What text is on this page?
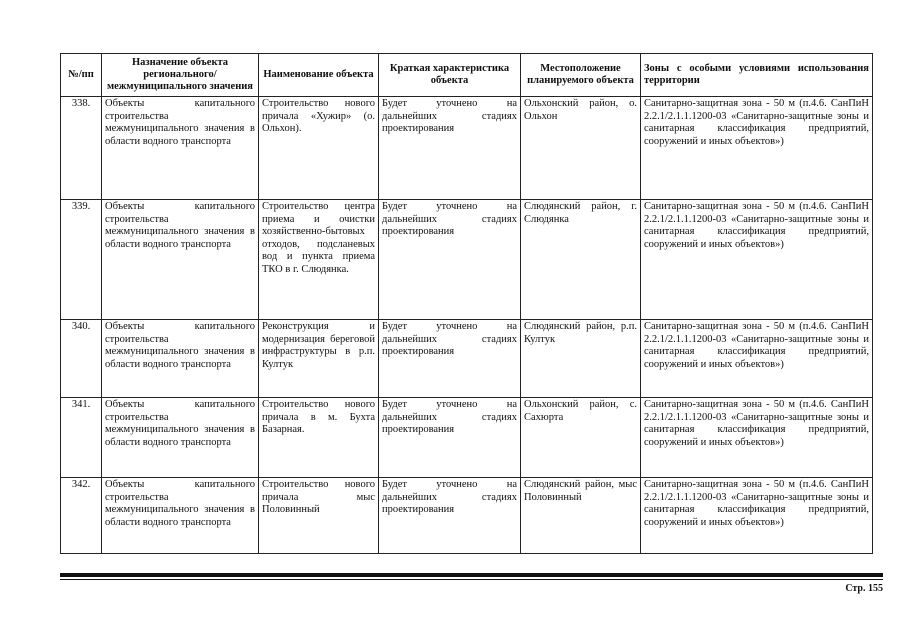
№/пп	Назначение объекта регионального/ межмуниципального значения	Наименование объекта	Краткая характеристика объекта	Местоположение планируемого объекта	Зоны с особыми условиями использования территории
338.	Объекты капитального строительства межмуниципального значения в области водного транспорта	Строительство нового причала «Хужир» (о. Ольхон).	Будет уточнено на дальнейших стадиях проектирования	Ольхонский район, о. Ольхон	Санитарно-защитная зона - 50 м (п.4.6. СанПиН 2.2.1/2.1.1.1200-03 «Санитарно-защитные зоны и санитарная классификация предприятий, сооружений и иных объектов»)
339.	Объекты капитального строительства межмуниципального значения в области водного транспорта	Строительство центра приема и очистки хозяйственно-бытовых отходов, подсланевых вод и пункта приема ТКО в г. Слюдянка.	Будет уточнено на дальнейших стадиях проектирования	Слюдянский район, г. Слюдянка	Санитарно-защитная зона - 50 м (п.4.6. СанПиН 2.2.1/2.1.1.1200-03 «Санитарно-защитные зоны и санитарная классификация предприятий, сооружений и иных объектов»)
340.	Объекты капитального строительства межмуниципального значения в области водного транспорта	Реконструкция и модернизация береговой инфраструктуры в р.п. Култук	Будет уточнено на дальнейших стадиях проектирования	Слюдянский район, р.п. Култук	Санитарно-защитная зона - 50 м (п.4.6. СанПиН 2.2.1/2.1.1.1200-03 «Санитарно-защитные зоны и санитарная классификация предприятий, сооружений и иных объектов»)
341.	Объекты капитального строительства межмуниципального значения в области водного транспорта	Строительство нового причала в м. Бухта Базарная.	Будет уточнено на дальнейших стадиях проектирования	Ольхонский район, с. Сахюрта	Санитарно-защитная зона - 50 м (п.4.6. СанПиН 2.2.1/2.1.1.1200-03 «Санитарно-защитные зоны и санитарная классификация предприятий, сооружений и иных объектов»)
342.	Объекты капитального строительства межмуниципального значения в области водного транспорта	Строительство нового причала мыс Половинный	Будет уточнено на дальнейших стадиях проектирования	Слюдянский район, мыс Половинный	Санитарно-защитная зона - 50 м (п.4.6. СанПиН 2.2.1/2.1.1.1200-03 «Санитарно-защитные зоны и санитарная классификация предприятий, сооружений и иных объектов»)
Стр. 155
